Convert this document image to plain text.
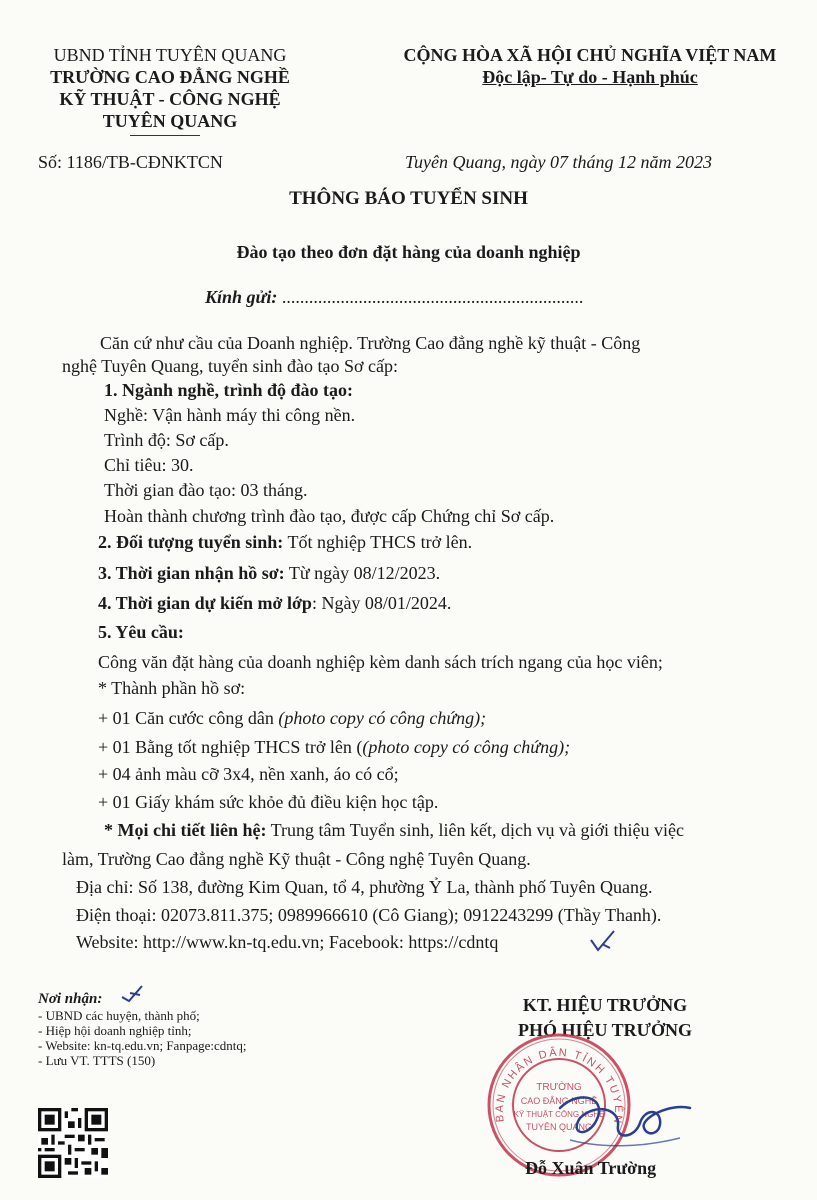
UBND TỈNH TUYÊN QUANG
TRƯỜNG CAO ĐẲNG NGHỀ
KỸ THUẬT - CÔNG NGHỆ
TUYÊN QUANG
CỘNG HÒA XÃ HỘI CHỦ NGHĨA VIỆT NAM
Độc lập- Tự do - Hạnh phúc
Số: 1186/TB-CĐNKTCN	Tuyên Quang, ngày 07 tháng 12 năm 2023
THÔNG BÁO TUYỂN SINH
Đào tạo theo đơn đặt hàng của doanh nghiệp
Kính gửi: ...................................................................
Căn cứ như cầu của Doanh nghiệp. Trường Cao đẳng nghề kỹ thuật - Công
nghệ Tuyên Quang, tuyển sinh đào tạo Sơ cấp:
1. Ngành nghề, trình độ đào tạo:
Nghề: Vận hành máy thi công nền.
Trình độ: Sơ cấp.
Chỉ tiêu: 30.
Thời gian đào tạo: 03 tháng.
Hoàn thành chương trình đào tạo, được cấp Chứng chỉ Sơ cấp.
2. Đối tượng tuyển sinh: Tốt nghiệp THCS trở lên.
3. Thời gian nhận hồ sơ: Từ ngày 08/12/2023.
4. Thời gian dự kiến mở lớp: Ngày 08/01/2024.
5. Yêu cầu:
Công văn đặt hàng của doanh nghiệp kèm danh sách trích ngang của học viên;
* Thành phần hồ sơ:
+ 01 Căn cước công dân (photo copy có công chứng);
+ 01 Bằng tốt nghiệp THCS trở lên ((photo copy có công chứng);
+ 04 ảnh màu cỡ 3x4, nền xanh, áo có cổ;
+ 01 Giấy khám sức khỏe đủ điều kiện học tập.
* Mọi chi tiết liên hệ: Trung tâm Tuyển sinh, liên kết, dịch vụ và giới thiệu việc
làm, Trường Cao đẳng nghề Kỹ thuật - Công nghệ Tuyên Quang.
Địa chỉ: Số 138, đường Kim Quan, tổ 4, phường Ỷ La, thành phố Tuyên Quang.
Điện thoại: 02073.811.375; 0989966610 (Cô Giang); 0912243299 (Thầy Thanh).
Website: http://www.kn-tq.edu.vn; Facebook: https://cdntq
Nơi nhận:
- UBND các huyện, thành phố;
- Hiệp hội doanh nghiệp tỉnh;
- Website: kn-tq.edu.vn; Fanpage:cdntq;
- Lưu VT. TTTS (150)
KT. HIỆU TRƯỞNG
PHÓ HIỆU TRƯỞNG
BAN NHÂN DÂN TỈNH TUYÊN
TRƯỜNG
CAO ĐẲNG NGHỀ
KỸ THUẬT CÔNG NGHỆ
TUYÊN QUANG
Đỗ Xuân Trường
